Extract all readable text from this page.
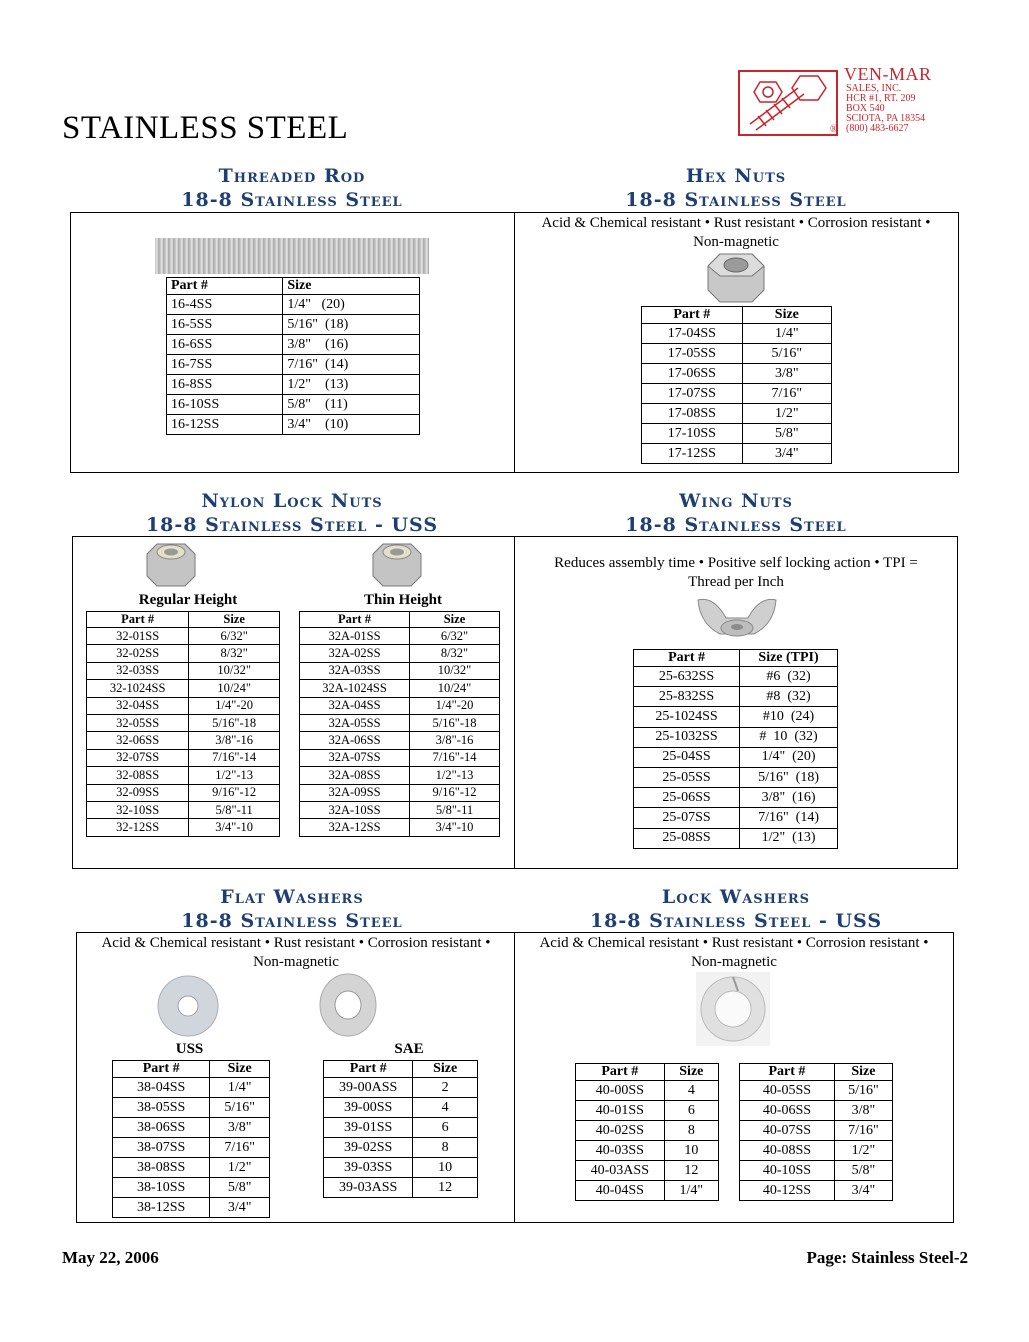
STAINLESS STEEL
VEN-MAR
SALES, INC.
HCR #1, RT. 209
BOX 540
SCIOTA, PA 18354
(800) 483-6627
®
Threaded Rod
18-8 Stainless Steel
Hex Nuts
18-8 Stainless Steel
Part #	Size
16-4SS	1/4"   (20)
16-5SS	5/16"  (18)
16-6SS	3/8"    (16)
16-7SS	7/16"  (14)
16-8SS	1/2"    (13)
16-10SS	5/8"    (11)
16-12SS	3/4"    (10)
Acid & Chemical resistant • Rust resistant • Corrosion resistant • Non-magnetic
Part #	Size
17-04SS	1/4"
17-05SS	5/16"
17-06SS	3/8"
17-07SS	7/16"
17-08SS	1/2"
17-10SS	5/8"
17-12SS	3/4"
Nylon Lock Nuts
18-8 Stainless Steel - USS
Wing Nuts
18-8 Stainless Steel
Regular Height	Thin Height
Part #	Size
32-01SS	6/32"
32-02SS	8/32"
32-03SS	10/32"
32-1024SS	10/24"
32-04SS	1/4"-20
32-05SS	5/16"-18
32-06SS	3/8"-16
32-07SS	7/16"-14
32-08SS	1/2"-13
32-09SS	9/16"-12
32-10SS	5/8"-11
32-12SS	3/4"-10
Part #	Size
32A-01SS	6/32"
32A-02SS	8/32"
32A-03SS	10/32"
32A-1024SS	10/24"
32A-04SS	1/4"-20
32A-05SS	5/16"-18
32A-06SS	3/8"-16
32A-07SS	7/16"-14
32A-08SS	1/2"-13
32A-09SS	9/16"-12
32A-10SS	5/8"-11
32A-12SS	3/4"-10
Reduces assembly time • Positive self locking action • TPI = Thread per Inch
Part #	Size (TPI)
25-632SS	#6  (32)
25-832SS	#8  (32)
25-1024SS	#10  (24)
25-1032SS	#  10  (32)
25-04SS	1/4"  (20)
25-05SS	5/16"  (18)
25-06SS	3/8"  (16)
25-07SS	7/16"  (14)
25-08SS	1/2"  (13)
Flat Washers
18-8 Stainless Steel
Lock Washers
18-8 Stainless Steel - USS
Acid & Chemical resistant • Rust resistant • Corrosion resistant • Non-magnetic
USS	SAE
Part #	Size
38-04SS	1/4"
38-05SS	5/16"
38-06SS	3/8"
38-07SS	7/16"
38-08SS	1/2"
38-10SS	5/8"
38-12SS	3/4"
Part #	Size
39-00ASS	2
39-00SS	4
39-01SS	6
39-02SS	8
39-03SS	10
39-03ASS	12
Acid & Chemical resistant • Rust resistant • Corrosion resistant • Non-magnetic
Part #	Size
40-00SS	4
40-01SS	6
40-02SS	8
40-03SS	10
40-03ASS	12
40-04SS	1/4"
Part #	Size
40-05SS	5/16"
40-06SS	3/8"
40-07SS	7/16"
40-08SS	1/2"
40-10SS	5/8"
40-12SS	3/4"
May 22, 2006	Page: Stainless Steel-2
